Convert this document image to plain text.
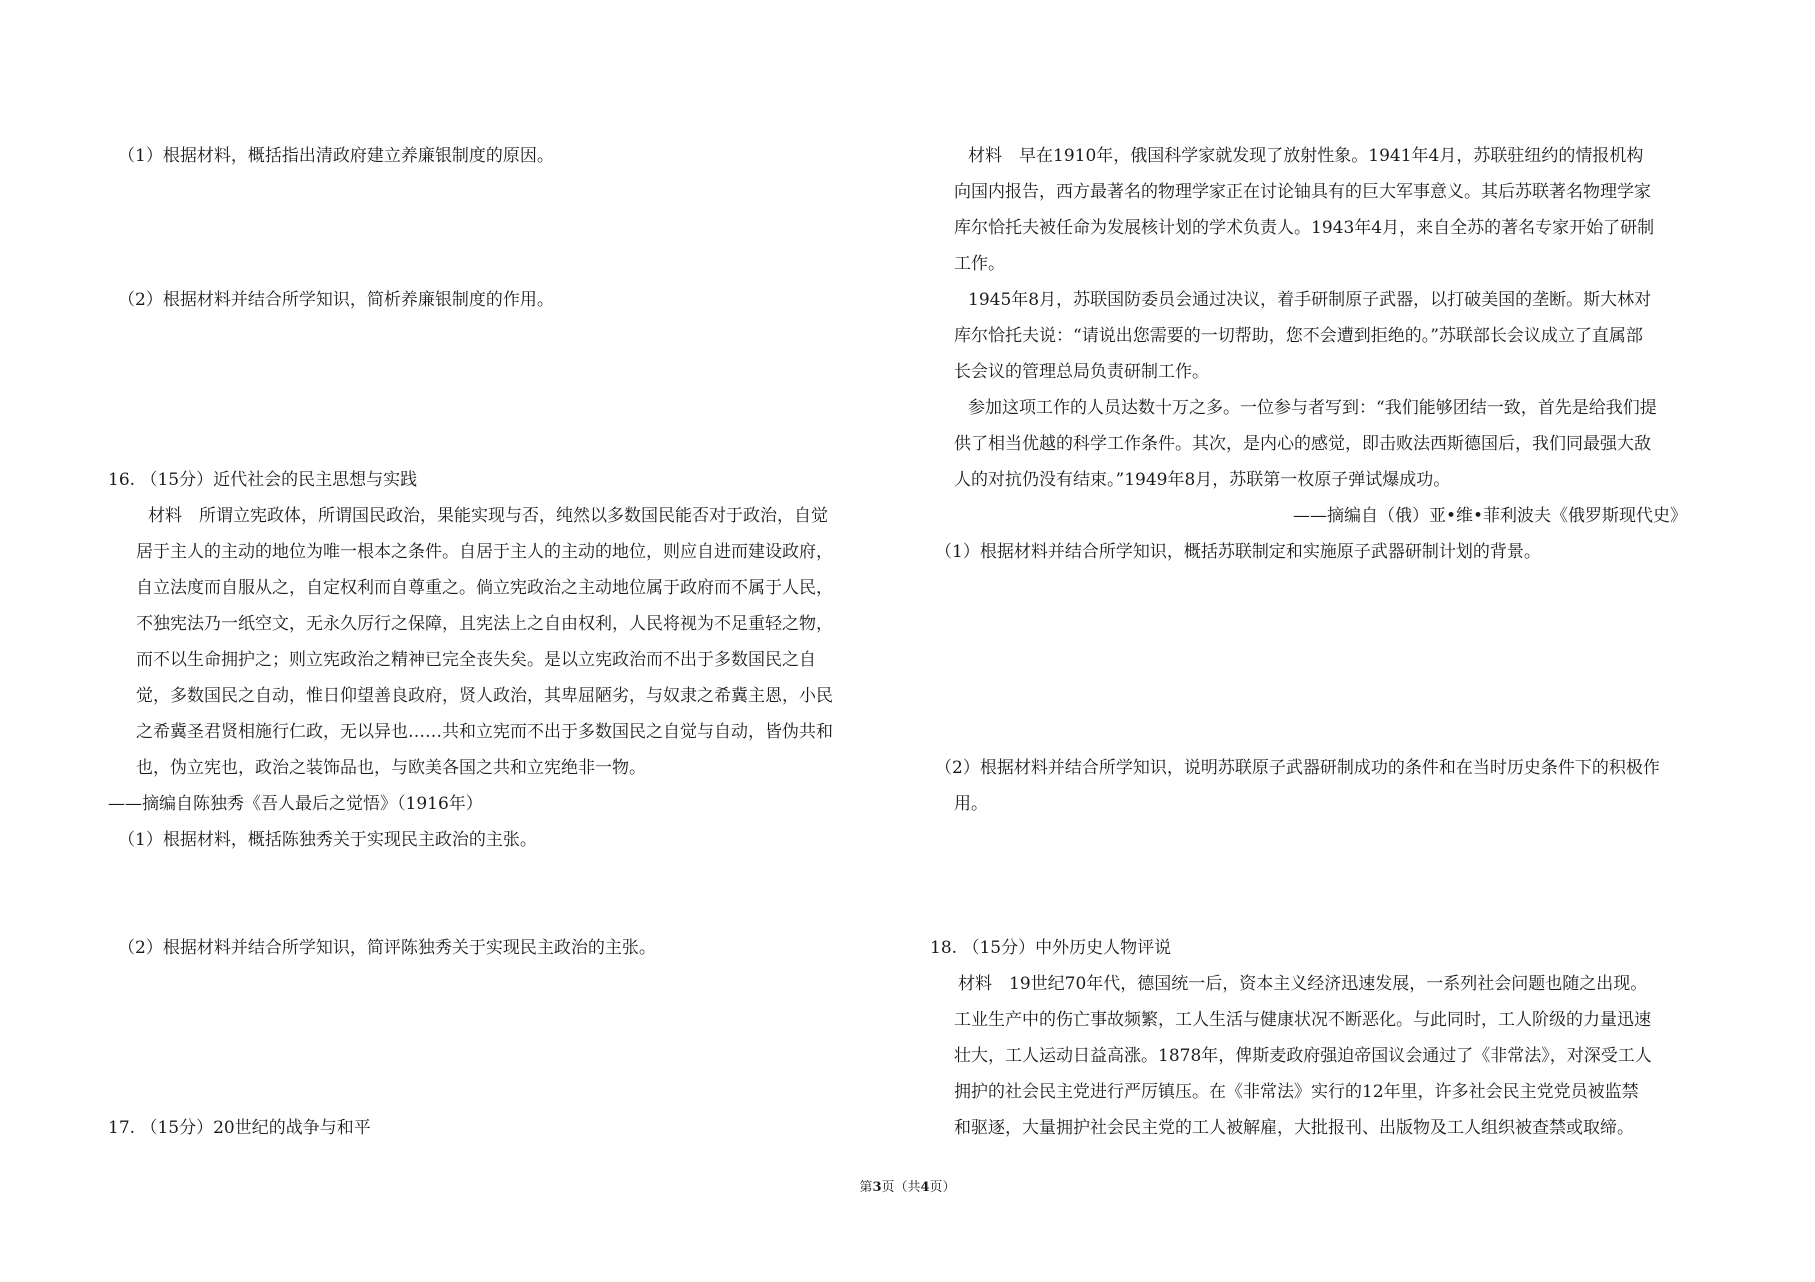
（1）根据材料，概括指出清政府建立养廉银制度的原因。
（2）根据材料并结合所学知识，简析养廉银制度的作用。
16. （15分）近代社会的民主思想与实践
材料　所谓立宪政体，所谓国民政治，果能实现与否，纯然以多数国民能否对于政治，自觉
居于主人的主动的地位为唯一根本之条件。自居于主人的主动的地位，则应自进而建设政府，
自立法度而自服从之，自定权利而自尊重之。倘立宪政治之主动地位属于政府而不属于人民，
不独宪法乃一纸空文，无永久厉行之保障，且宪法上之自由权利，人民将视为不足重轻之物，
而不以生命拥护之；则立宪政治之精神已完全丧失矣。是以立宪政治而不出于多数国民之自
觉，多数国民之自动，惟日仰望善良政府，贤人政治，其卑屈陋劣，与奴隶之希冀主恩，小民
之希冀圣君贤相施行仁政，无以异也……共和立宪而不出于多数国民之自觉与自动，皆伪共和
也，伪立宪也，政治之装饰品也，与欧美各国之共和立宪绝非一物。
——摘编自陈独秀《吾人最后之觉悟》（1916年）
（1）根据材料，概括陈独秀关于实现民主政治的主张。
（2）根据材料并结合所学知识，简评陈独秀关于实现民主政治的主张。
17. （15分）20世纪的战争与和平
材料　早在1910年，俄国科学家就发现了放射性象。1941年4月，苏联驻纽约的情报机构
向国内报告，西方最著名的物理学家正在讨论铀具有的巨大军事意义。其后苏联著名物理学家
库尔恰托夫被任命为发展核计划的学术负责人。1943年4月，来自全苏的著名专家开始了研制
工作。
1945年8月，苏联国防委员会通过决议，着手研制原子武器，以打破美国的垄断。斯大林对
库尔恰托夫说：“请说出您需要的一切帮助，您不会遭到拒绝的。”苏联部长会议成立了直属部
长会议的管理总局负责研制工作。
参加这项工作的人员达数十万之多。一位参与者写到：“我们能够团结一致，首先是给我们提
供了相当优越的科学工作条件。其次，是内心的感觉，即击败法西斯德国后，我们同最强大敌
人的对抗仍没有结束。”1949年8月，苏联第一枚原子弹试爆成功。
——摘编自（俄）亚•维•菲利波夫《俄罗斯现代史》
（1）根据材料并结合所学知识，概括苏联制定和实施原子武器研制计划的背景。
（2）根据材料并结合所学知识，说明苏联原子武器研制成功的条件和在当时历史条件下的积极作
用。
18. （15分）中外历史人物评说
材料　19世纪70年代，德国统一后，资本主义经济迅速发展，一系列社会问题也随之出现。
工业生产中的伤亡事故频繁，工人生活与健康状况不断恶化。与此同时，工人阶级的力量迅速
壮大，工人运动日益高涨。1878年，俾斯麦政府强迫帝国议会通过了《非常法》，对深受工人
拥护的社会民主党进行严厉镇压。在《非常法》实行的12年里，许多社会民主党党员被监禁
和驱逐，大量拥护社会民主党的工人被解雇，大批报刊、出版物及工人组织被查禁或取缔。
第3页（共4页）
